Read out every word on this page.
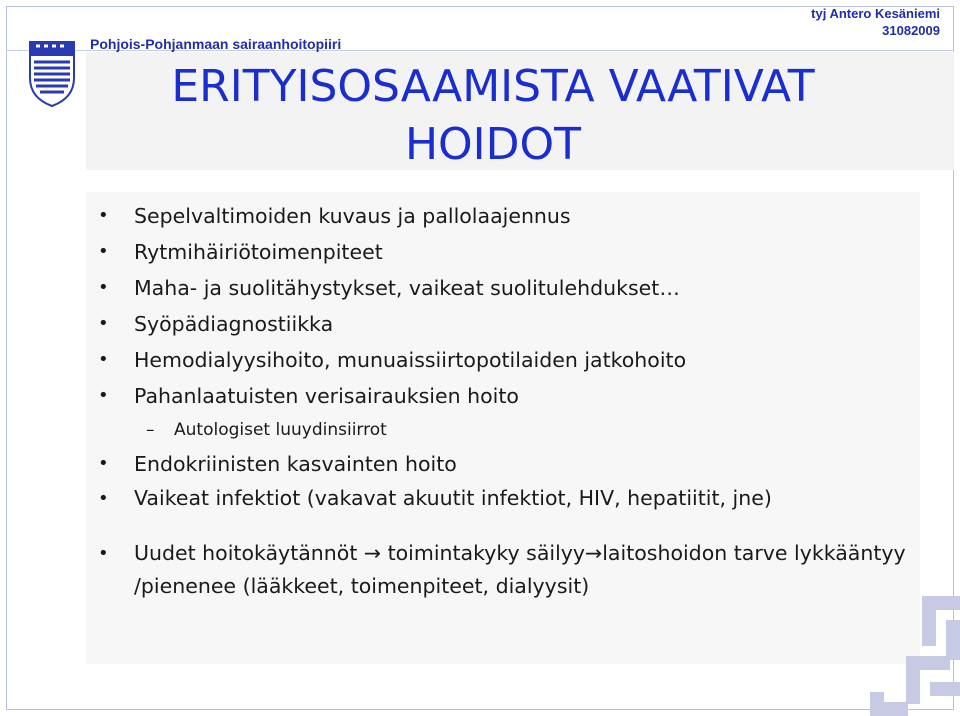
Pohjois-Pohjanmaan sairaanhoitopiiri
tyj Antero Kesäniemi
31082009
ERITYISOSAAMISTA VAATIVAT
HOIDOT
• Sepelvaltimoiden kuvaus ja pallolaajennus
• Rytmihäiriötoimenpiteet
• Maha- ja suolitähystykset, vaikeat suolitulehdukset…
• Syöpädiagnostiikka
• Hemodialyysihoito, munuaissiirtopotilaiden jatkohoito
• Pahanlaatuisten verisairauksien hoito
– Autologiset luuydinsiirrot
• Endokriinisten kasvainten hoito
• Vaikeat infektiot (vakavat akuutit infektiot, HIV, hepatiitit, jne)
• Uudet hoitokäytännöt → toimintakyky säilyy→laitoshoidon tarve lykkääntyy /pienenee (lääkkeet, toimenpiteet, dialyysit)
